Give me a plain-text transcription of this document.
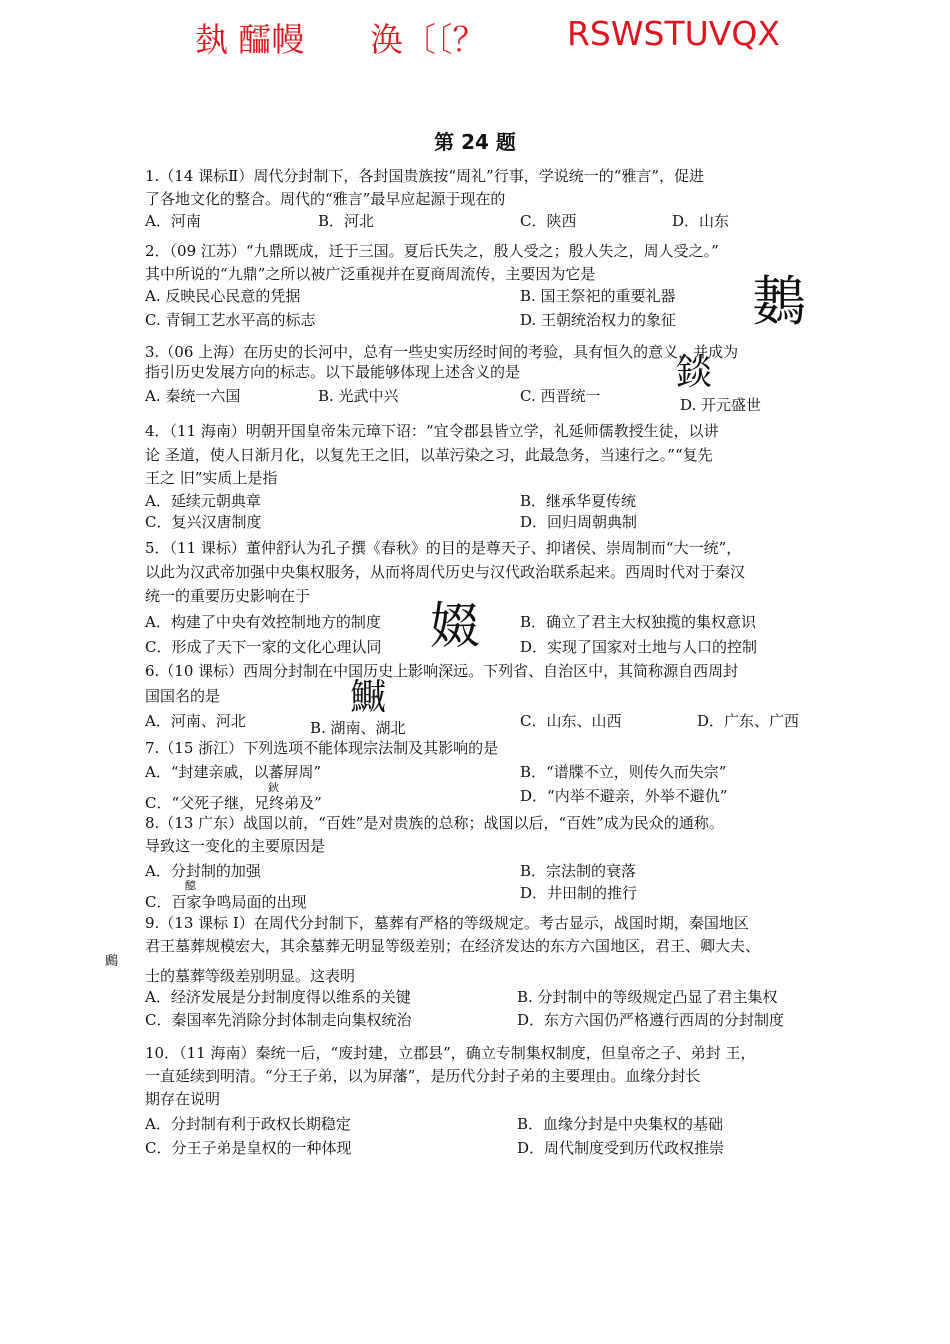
埶 醽幔 涣〔〔？ RSWSTUVQX
第 24 题
1.（14 课标Ⅱ）周代分封制下，各封国贵族按“周礼”行事，学说统一的“雅言”，促进
了各地文化的整合。周代的“雅言”最早应起源于现在的
A．河南	B．河北	C．陕西	D．山东
2．（09 江苏）“九鼎既成，迁于三国。夏后氏失之，殷人受之；殷人失之，周人受之。”
其中所说的“九鼎”之所以被广泛重视并在夏商周流传，主要因为它是
A. 反映民心民意的凭据	B. 国王祭祀的重要礼器
C. 青铜工艺水平高的标志	D. 王朝统治权力的象征
3.（06 上海）在历史的长河中，总有一些史实历经时间的考验，具有恒久的意义，并成为
指引历史发展方向的标志。以下最能够体现上述含义的是
A. 秦统一六国	B. 光武中兴	C. 西晋统一	D. 开元盛世
4．（11 海南）明朝开国皇帝朱元璋下诏：“宜令郡县皆立学，礼延师儒教授生徒，以讲
论 圣道，使人日渐月化，以复先王之旧，以革污染之习，此最急务，当速行之。”“复先
王之 旧”实质上是指
A．延续元朝典章	B．继承华夏传统
C．复兴汉唐制度	D．回归周朝典制
5．（11 课标）董仲舒认为孔子撰《春秋》的目的是尊天子、抑诸侯、崇周制而“大一统”，
以此为汉武帝加强中央集权服务，从而将周代历史与汉代政治联系起来。西周时代对于秦汉
统一的重要历史影响在于
A．构建了中央有效控制地方的制度	B．确立了君主大权独揽的集权意识
C．形成了天下一家的文化心理认同	D．实现了国家对土地与人口的控制
6.（10 课标）西周分封制在中国历史上影响深远。下列省、自治区中，其简称源自西周封
国国名的是
A．河南、河北	B. 湖南、湖北	C．山东、山西	D．广东、广西
7.（15 浙江）下列选项不能体现宗法制及其影响的是
A．“封建亲戚，以蕃屏周”	B．“谱牒不立，则传久而失宗”
C．“父死子继，兄终弟及”	D．“内举不避亲，外举不避仇”
8.（13 广东）战国以前，“百姓”是对贵族的总称；战国以后，“百姓”成为民众的通称。
导致这一变化的主要原因是
A．分封制的加强	B．宗法制的衰落
C．百家争鸣局面的出现	D．井田制的推行
9.（13 课标 I）在周代分封制下，墓葬有严格的等级规定。考古显示，战国时期，秦国地区
君王墓葬规模宏大，其余墓葬无明显等级差别；在经济发达的东方六国地区，君王、卿大夫、
士的墓葬等级差别明显。这表明
A．经济发展是分封制度得以维系的关键	B. 分封制中的等级规定凸显了君主集权
C．秦国率先消除分封体制走向集权统治	D．东方六国仍严格遵行西周的分封制度
10．（11 海南）秦统一后，“废封建，立郡县”，确立专制集权制度，但皇帝之子、弟封 王，
一直延续到明清。“分王子弟，以为屏藩”，是历代分封子弟的主要理由。血缘分封长
期存在说明
A．分封制有利于政权长期稳定	B．血缘分封是中央集权的基础
C．分王子弟是皇权的一种体现	D．周代制度受到历代政权推崇
鶈
錟
娺
鱡
鈥
醷
鷉
